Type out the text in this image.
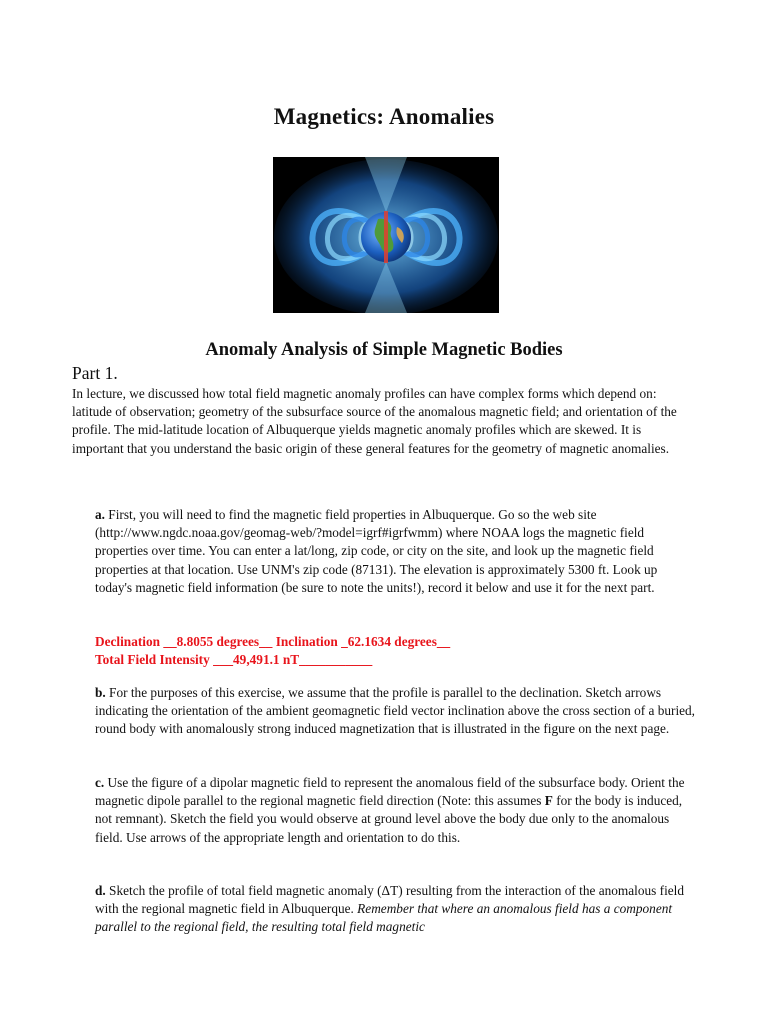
Magnetics: Anomalies
Anomaly Analysis of Simple Magnetic Bodies
Part 1.

In lecture, we discussed how total field magnetic anomaly profiles can have complex forms which depend on: latitude of observation; geometry of the subsurface source of the anomalous magnetic field; and orientation of the profile. The mid-latitude location of Albuquerque yields magnetic anomaly profiles which are skewed. It is important that you understand the basic origin of these general features for the geometry of magnetic anomalies.

a. First, you will need to find the magnetic field properties in Albuquerque. Go so the web site (http://www.ngdc.noaa.gov/geomag-web/?model=igrf#igrfwmm) where NOAA logs the magnetic field properties over time. You can enter a lat/long, zip code, or city on the site, and look up the magnetic field properties at that location. Use UNM's zip code (87131). The elevation is approximately 5300 ft. Look up today's magnetic field information (be sure to note the units!), record it below and use it for the next part.

Declination __8.8055 degrees__ Inclination _62.1634 degrees__

Total Field Intensity ___49,491.1 nT___________

b. For the purposes of this exercise, we assume that the profile is parallel to the declination. Sketch arrows indicating the orientation of the ambient geomagnetic field vector inclination above the cross section of a buried, round body with anomalously strong induced magnetization that is illustrated in the figure on the next page.

c. Use the figure of a dipolar magnetic field to represent the anomalous field of the subsurface body. Orient the magnetic dipole parallel to the regional magnetic field direction (Note: this assumes F for the body is induced, not remnant). Sketch the field you would observe at ground level above the body due only to the anomalous field. Use arrows of the appropriate length and orientation to do this.

d. Sketch the profile of total field magnetic anomaly (ΔT) resulting from the interaction of the anomalous field with the regional magnetic field in Albuquerque. Remember that where an anomalous field has a component parallel to the regional field, the resulting total field magnetic
